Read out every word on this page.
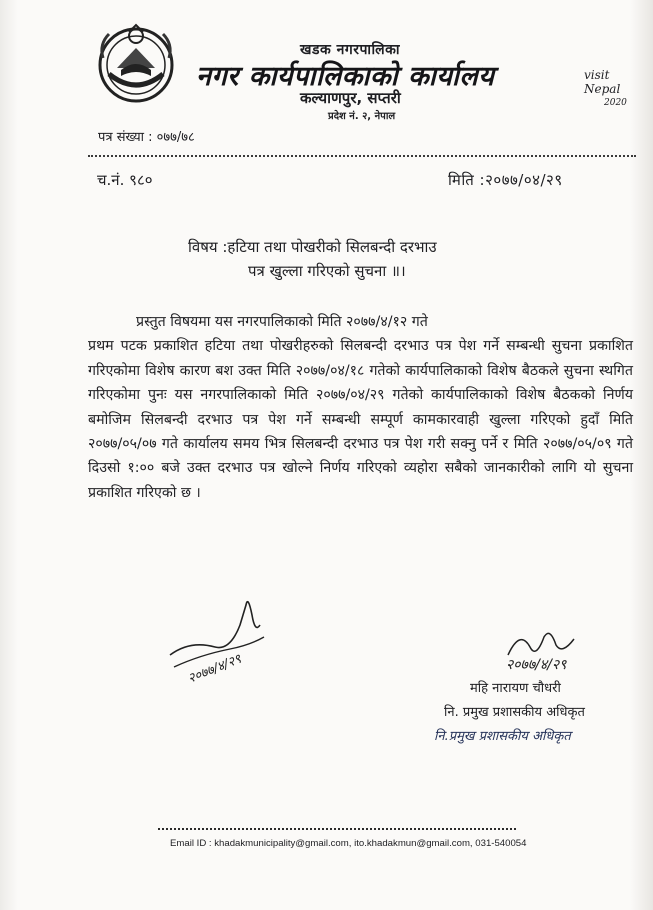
खडक नगरपालिका
नगर कार्यपालिकाको कार्यालय
कल्याणपुर, सप्तरी
प्रदेश नं. २, नेपाल
visit Nepal
2020
पत्र संख्या : ०७७/७८
च.नं. ९८०	मिति :२०७७/०४/२९
विषय :हटिया तथा पोखरीको सिलबन्दी दरभाउ
पत्र खुल्ला गरिएको सुचना ॥।
प्रस्तुत विषयमा यस नगरपालिकाको मिति २०७७/४/१२ गते
प्रथम पटक प्रकाशित हटिया तथा पोखरीहरुको सिलबन्दी दरभाउ पत्र पेश गर्ने सम्बन्धी सुचना प्रकाशित गरिएकोमा विशेष कारण बश उक्त मिति २०७७/०४/१८ गतेको कार्यपालिकाको विशेष बैठकले सुचना स्थगित गरिएकोमा पुनः यस नगरपालिकाको मिति २०७७/०४/२९ गतेको कार्यपालिकाको विशेष बैठकको निर्णय बमोजिम सिलबन्दी दरभाउ पत्र पेश गर्ने सम्बन्धी सम्पूर्ण कामकारवाही खुल्ला गरिएको हुदाँ मिति २०७७/०५/०७ गते कार्यालय समय भित्र सिलबन्दी दरभाउ पत्र पेश गरी सक्नु पर्ने र मिति २०७७/०५/०९ गते दिउसो १:०० बजे उक्त दरभाउ पत्र खोल्ने निर्णय गरिएको व्यहोरा सबैको जानकारीको लागि यो सुचना प्रकाशित गरिएको छ ।
२०७७/४/२९	२०७७/४/२९
महि नारायण चौधरी
नि. प्रमुख प्रशासकीय अधिकृत
नि.प्रमुख प्रशासकीय अधिकृत
Email ID : khadakmunicipality@gmail.com, ito.khadakmun@gmail.com, 031-540054
